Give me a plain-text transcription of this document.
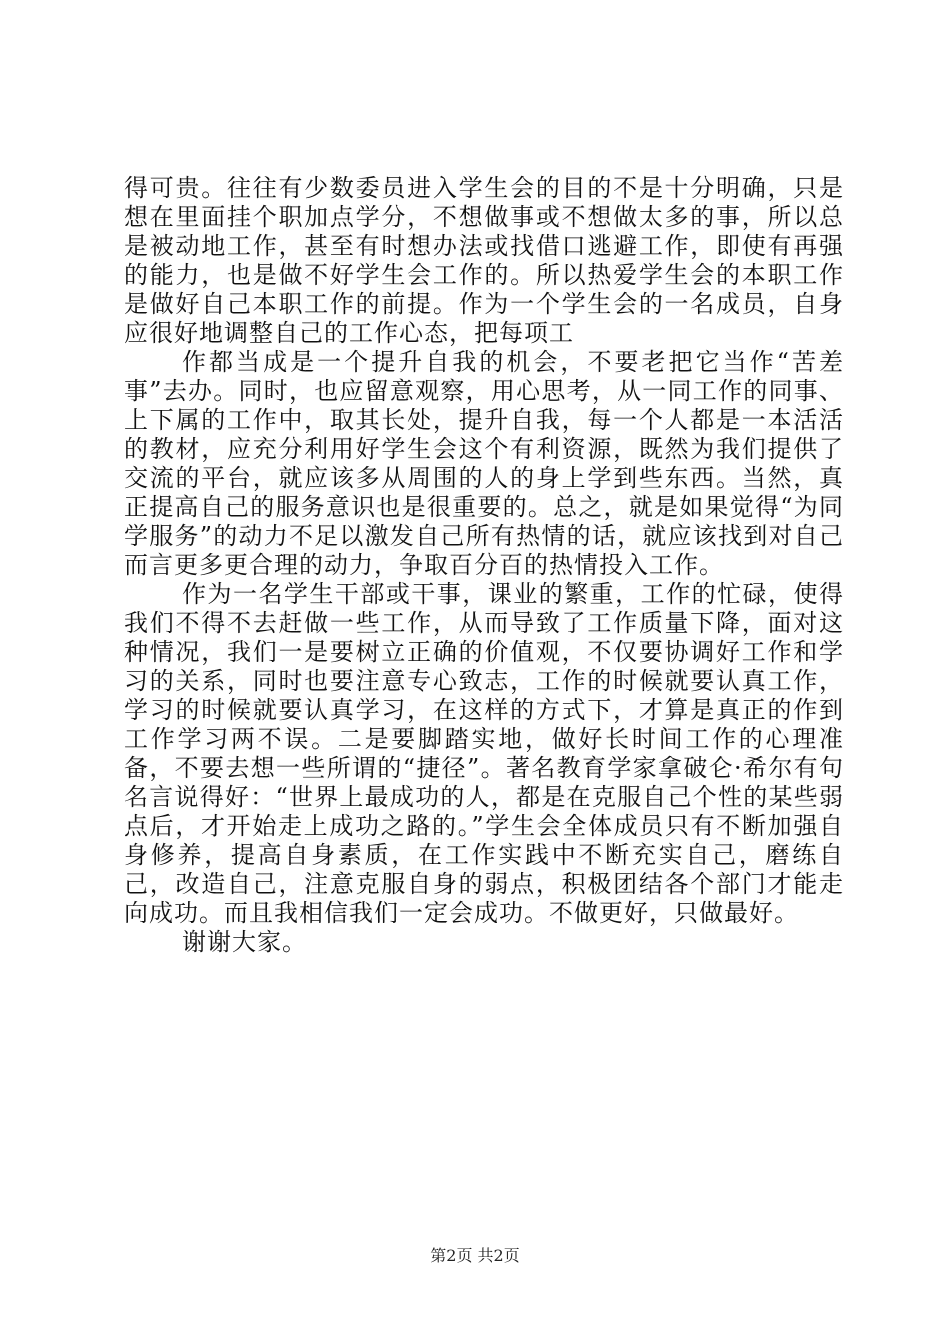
得可贵。往往有少数委员进入学生会的目的不是十分明确，只是想在里面挂个职加点学分，不想做事或不想做太多的事，所以总是被动地工作，甚至有时想办法或找借口逃避工作，即使有再强的能力，也是做不好学生会工作的。所以热爱学生会的本职工作是做好自己本职工作的前提。作为一个学生会的一名成员，自身应很好地调整自己的工作心态，把每项工

作都当成是一个提升自我的机会，不要老把它当作“苦差事”去办。同时，也应留意观察，用心思考，从一同工作的同事、上下属的工作中，取其长处，提升自我，每一个人都是一本活活的教材，应充分利用好学生会这个有利资源，既然为我们提供了交流的平台，就应该多从周围的人的身上学到些东西。当然，真正提高自己的服务意识也是很重要的。总之，就是如果觉得“为同学服务”的动力不足以激发自己所有热情的话，就应该找到对自己而言更多更合理的动力，争取百分百的热情投入工作。

作为一名学生干部或干事，课业的繁重，工作的忙碌，使得我们不得不去赶做一些工作，从而导致了工作质量下降，面对这种情况，我们一是要树立正确的价值观，不仅要协调好工作和学习的关系，同时也要注意专心致志，工作的时候就要认真工作，学习的时候就要认真学习，在这样的方式下，才算是真正的作到工作学习两不误。二是要脚踏实地，做好长时间工作的心理准备，不要去想一些所谓的“捷径”。著名教育学家拿破仑·希尔有句名言说得好：“世界上最成功的人，都是在克服自己个性的某些弱点后，才开始走上成功之路的。”学生会全体成员只有不断加强自身修养，提高自身素质，在工作实践中不断充实自己，磨练自己，改造自己，注意克服自身的弱点，积极团结各个部门才能走向成功。而且我相信我们一定会成功。不做更好，只做最好。

谢谢大家。

第2页 共2页
